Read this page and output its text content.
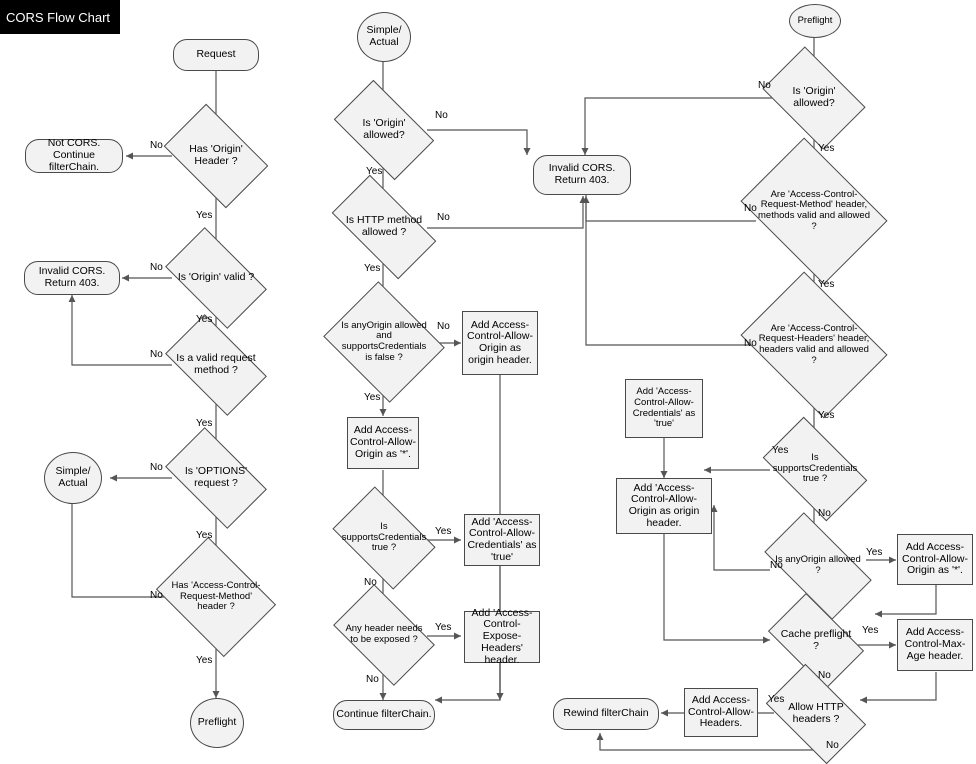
CORS Flow Chart
Request
Has 'Origin' Header ?
Not CORS. Continue filterChain.
Is 'Origin' valid ?
Invalid CORS. Return 403.
Is a valid request method ?
Is 'OPTIONS' request ?
Simple/ Actual
Has 'Access-Control-Request-Method' header ?
Preflight
No
Yes
No
Yes
No
Yes
No
Yes
No
Yes
Simple/ Actual
Is 'Origin' allowed?
Invalid CORS. Return 403.
Is HTTP method allowed ?
Is anyOrigin allowed and supportsCredentials is false ?
Add Access-Control-Allow-Origin as origin header.
Add Access-Control-Allow-Origin as '*'.
Is supportsCredentials true ?
Add 'Access-Control-Allow-Credentials' as 'true'
Any header needs to be exposed ?
Add 'Access-Control-Expose-Headers' header.
Continue filterChain.
No
Yes
No
Yes
No
Yes
Yes
No
Yes
No
Preflight
Is 'Origin' allowed?
Are 'Access-Control-Request-Method' header, methods valid and allowed ?
Are 'Access-Control-Request-Headers' header, headers valid and allowed ?
Add 'Access-Control-Allow-Credentials' as 'true'
Is supportsCredentials true ?
Add 'Access-Control-Allow-Origin as origin header.
Is anyOrigin allowed ?
Add Access-Control-Allow-Origin as '*'.
Cache preflight ?
Add Access-Control-Max-Age header.
Allow HTTP headers ?
Add Access-Control-Allow-Headers.
Rewind filterChain
No
Yes
No
Yes
No
Yes
Yes
No
Yes
No
Yes
No
Yes
No
